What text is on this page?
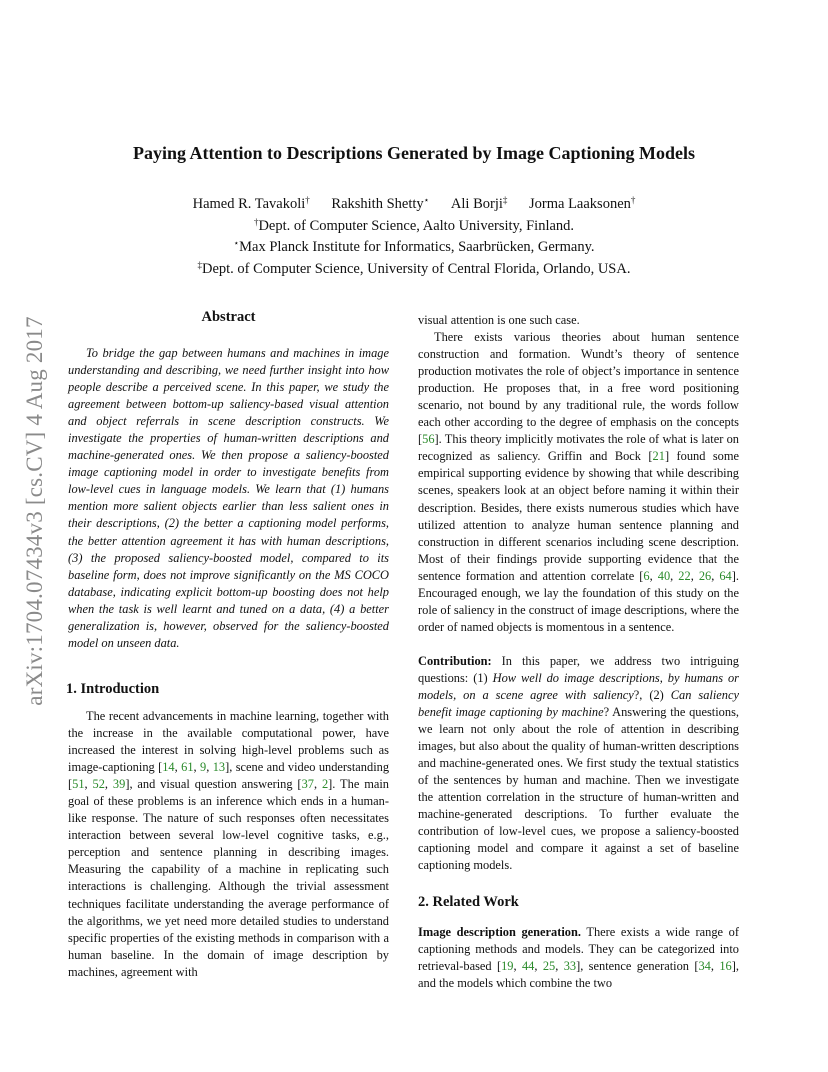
arXiv:1704.07434v3 [cs.CV] 4 Aug 2017
Paying Attention to Descriptions Generated by Image Captioning Models
Hamed R. Tavakoli† Rakshith Shetty⋆ Ali Borji‡ Jorma Laaksonen†
†Dept. of Computer Science, Aalto University, Finland.
⋆Max Planck Institute for Informatics, Saarbrücken, Germany.
‡Dept. of Computer Science, University of Central Florida, Orlando, USA.
Abstract

To bridge the gap between humans and machines in image understanding and describing, we need further insight into how people describe a perceived scene. In this paper, we study the agreement between bottom-up saliency-based visual attention and object referrals in scene description constructs. We investigate the properties of human-written descriptions and machine-generated ones. We then propose a saliency-boosted image captioning model in order to investigate benefits from low-level cues in language models. We learn that (1) humans mention more salient objects earlier than less salient ones in their descriptions, (2) the better a captioning model performs, the better attention agreement it has with human descriptions, (3) the proposed saliency-boosted model, compared to its baseline form, does not improve significantly on the MS COCO database, indicating explicit bottom-up boosting does not help when the task is well learnt and tuned on a data, (4) a better generalization is, however, observed for the saliency-boosted model on unseen data.

1. Introduction

The recent advancements in machine learning, together with the increase in the available computational power, have increased the interest in solving high-level problems such as image-captioning [14, 61, 9, 13], scene and video understanding [51, 52, 39], and visual question answering [37, 2]. The main goal of these problems is an inference which ends in a human-like response. The nature of such responses often necessitates interaction between several low-level cognitive tasks, e.g., perception and sentence planning in describing images. Measuring the capability of a machine in replicating such interactions is challenging. Although the trivial assessment techniques facilitate understanding the average performance of the algorithms, we yet need more detailed studies to understand specific properties of the existing methods in comparison with a human baseline. In the domain of image description by machines, agreement with

visual attention is one such case.

There exists various theories about human sentence construction and formation. Wundt’s theory of sentence production motivates the role of object’s importance in sentence production. He proposes that, in a free word positioning scenario, not bound by any traditional rule, the words follow each other according to the degree of emphasis on the concepts [56]. This theory implicitly motivates the role of what is later on recognized as saliency. Griffin and Bock [21] found some empirical supporting evidence by showing that while describing scenes, speakers look at an object before naming it within their description. Besides, there exists numerous studies which have utilized attention to analyze human sentence planning and construction in different scenarios including scene description. Most of their findings provide supporting evidence that the sentence formation and attention correlate [6, 40, 22, 26, 64]. Encouraged enough, we lay the foundation of this study on the role of saliency in the construct of image descriptions, where the order of named objects is momentous in a sentence.

Contribution: In this paper, we address two intriguing questions: (1) How well do image descriptions, by humans or models, on a scene agree with saliency?, (2) Can saliency benefit image captioning by machine? Answering the questions, we learn not only about the role of attention in describing images, but also about the quality of human-written descriptions and machine-generated ones. We first study the textual statistics of the sentences by human and machine. Then we investigate the attention correlation in the structure of human-written and machine-generated descriptions. To further evaluate the contribution of low-level cues, we propose a saliency-boosted captioning model and compare it against a set of baseline captioning models.

2. Related Work

Image description generation. There exists a wide range of captioning methods and models. They can be categorized into retrieval-based [19, 44, 25, 33], sentence generation [34, 16], and the models which combine the two
